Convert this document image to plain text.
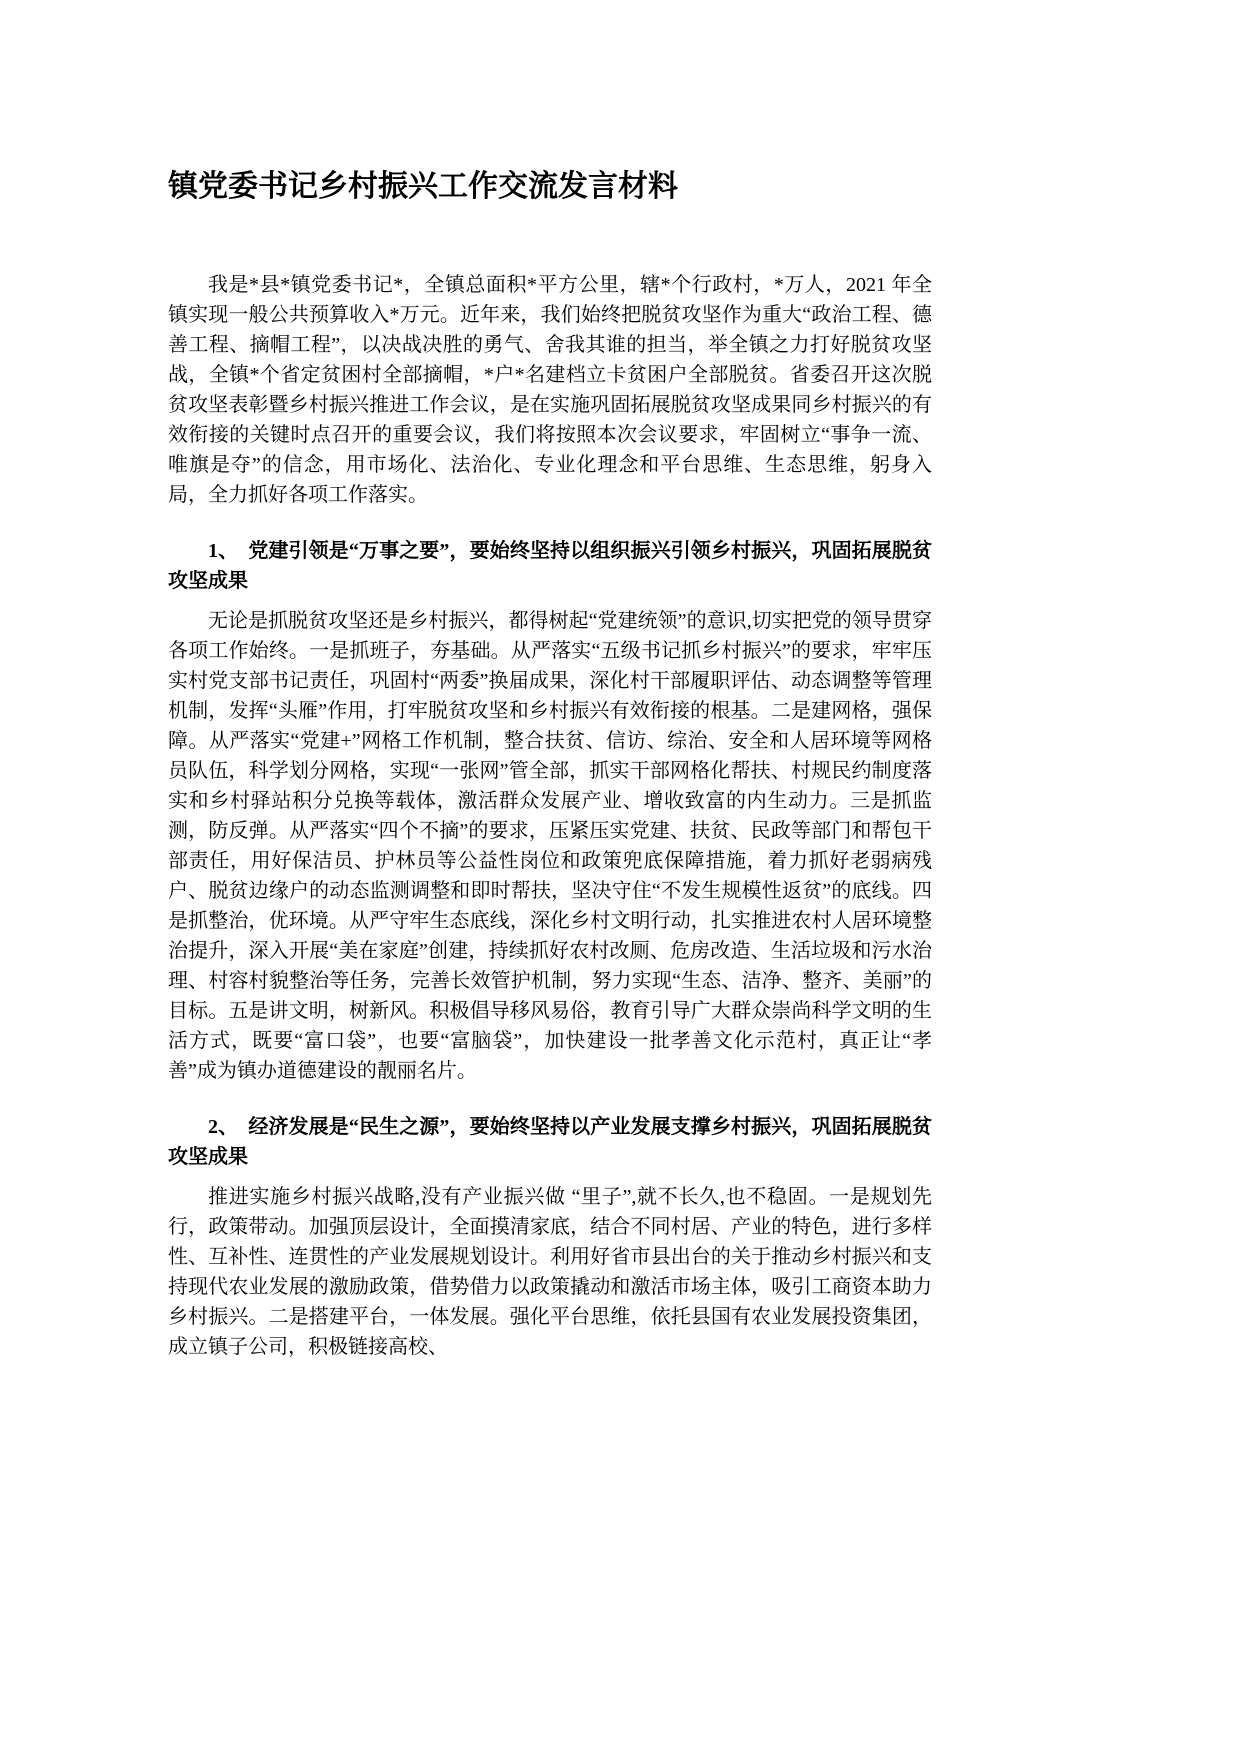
镇党委书记乡村振兴工作交流发言材料

我是*县*镇党委书记*，全镇总面积*平方公里，辖*个行政村，*万人，2021 年全镇实现一般公共预算收入*万元。近年来，我们始终把脱贫攻坚作为重大“政治工程、德善工程、摘帽工程”，以决战决胜的勇气、舍我其谁的担当，举全镇之力打好脱贫攻坚战，全镇*个省定贫困村全部摘帽，*户*名建档立卡贫困户全部脱贫。省委召开这次脱贫攻坚表彰暨乡村振兴推进工作会议，是在实施巩固拓展脱贫攻坚成果同乡村振兴的有效衔接的关键时点召开的重要会议，我们将按照本次会议要求，牢固树立“事争一流、唯旗是夺”的信念，用市场化、法治化、专业化理念和平台思维、生态思维，躬身入局，全力抓好各项工作落实。

1、　党建引领是“万事之要”，要始终坚持以组织振兴引领乡村振兴，巩固拓展脱贫攻坚成果

无论是抓脱贫攻坚还是乡村振兴，都得树起“党建统领”的意识,切实把党的领导贯穿各项工作始终。一是抓班子，夯基础。从严落实“五级书记抓乡村振兴”的要求，牢牢压实村党支部书记责任，巩固村“两委”换届成果，深化村干部履职评估、动态调整等管理机制，发挥“头雁”作用，打牢脱贫攻坚和乡村振兴有效衔接的根基。二是建网格，强保障。从严落实“党建+”网格工作机制，整合扶贫、信访、综治、安全和人居环境等网格员队伍，科学划分网格，实现“一张网”管全部，抓实干部网格化帮扶、村规民约制度落实和乡村驿站积分兑换等载体，激活群众发展产业、增收致富的内生动力。三是抓监测，防反弹。从严落实“四个不摘”的要求，压紧压实党建、扶贫、民政等部门和帮包干部责任，用好保洁员、护林员等公益性岗位和政策兜底保障措施，着力抓好老弱病残户、脱贫边缘户的动态监测调整和即时帮扶，坚决守住“不发生规模性返贫”的底线。四是抓整治，优环境。从严守牢生态底线，深化乡村文明行动，扎实推进农村人居环境整治提升，深入开展“美在家庭”创建，持续抓好农村改厕、危房改造、生活垃圾和污水治理、村容村貌整治等任务，完善长效管护机制，努力实现“生态、洁净、整齐、美丽”的目标。五是讲文明，树新风。积极倡导移风易俗，教育引导广大群众崇尚科学文明的生活方式，既要“富口袋”，也要“富脑袋”，加快建设一批孝善文化示范村，真正让“孝善”成为镇办道德建设的靓丽名片。

2、　经济发展是“民生之源”，要始终坚持以产业发展支撑乡村振兴，巩固拓展脱贫攻坚成果

推进实施乡村振兴战略,没有产业振兴做 “里子”,就不长久,也不稳固。一是规划先行，政策带动。加强顶层设计，全面摸清家底，结合不同村居、产业的特色，进行多样性、互补性、连贯性的产业发展规划设计。利用好省市县出台的关于推动乡村振兴和支持现代农业发展的激励政策，借势借力以政策撬动和激活市场主体，吸引工商资本助力乡村振兴。二是搭建平台，一体发展。强化平台思维，依托县国有农业发展投资集团，成立镇子公司，积极链接高校、
